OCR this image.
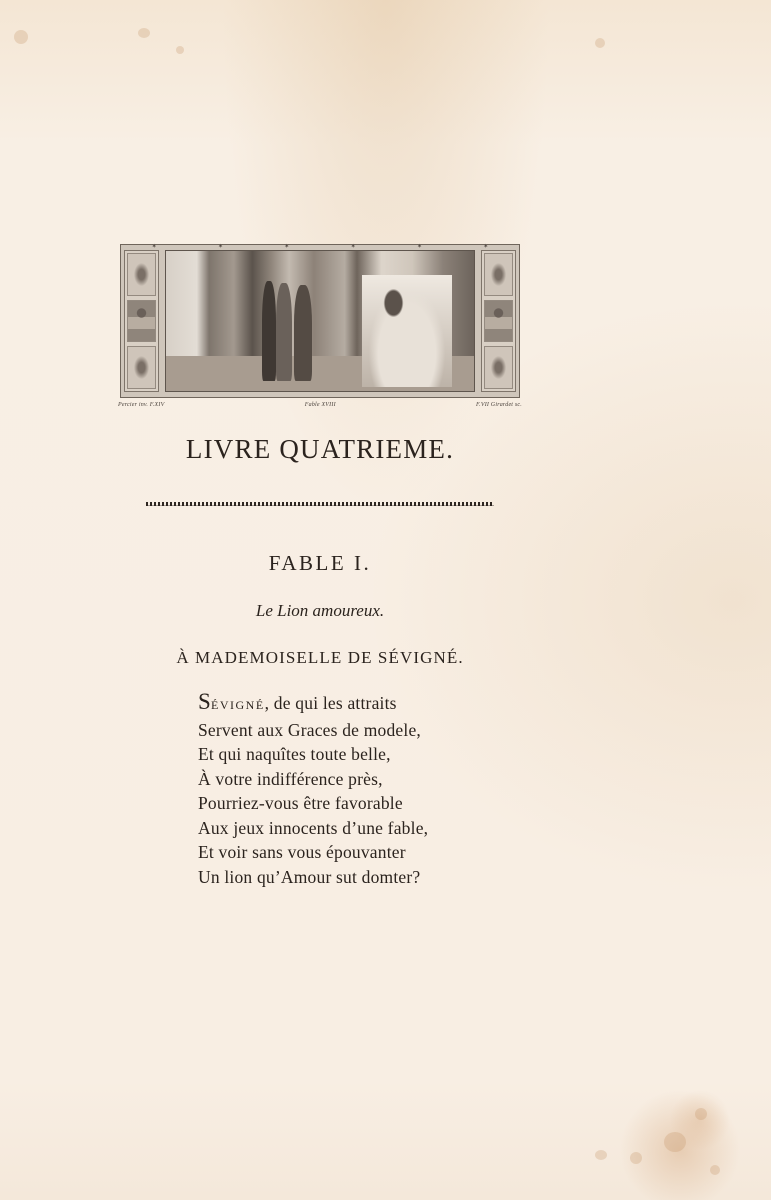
✶	✶	✶	✶	✶	✶
Percier inv. F.XIV	Fable XVIII	F.VII Girardet sc.
LIVRE QUATRIEME.
FABLE I.
Le Lion amoureux.
À MADEMOISELLE DE SÉVIGNÉ.
SÉVIGNÉ, de qui les attraits
Servent aux Graces de modele,
Et qui naquîtes toute belle,
À votre indifférence près,
Pourriez-vous être favorable
Aux jeux innocents d’une fable,
Et voir sans vous épouvanter
Un lion qu’Amour sut domter?
